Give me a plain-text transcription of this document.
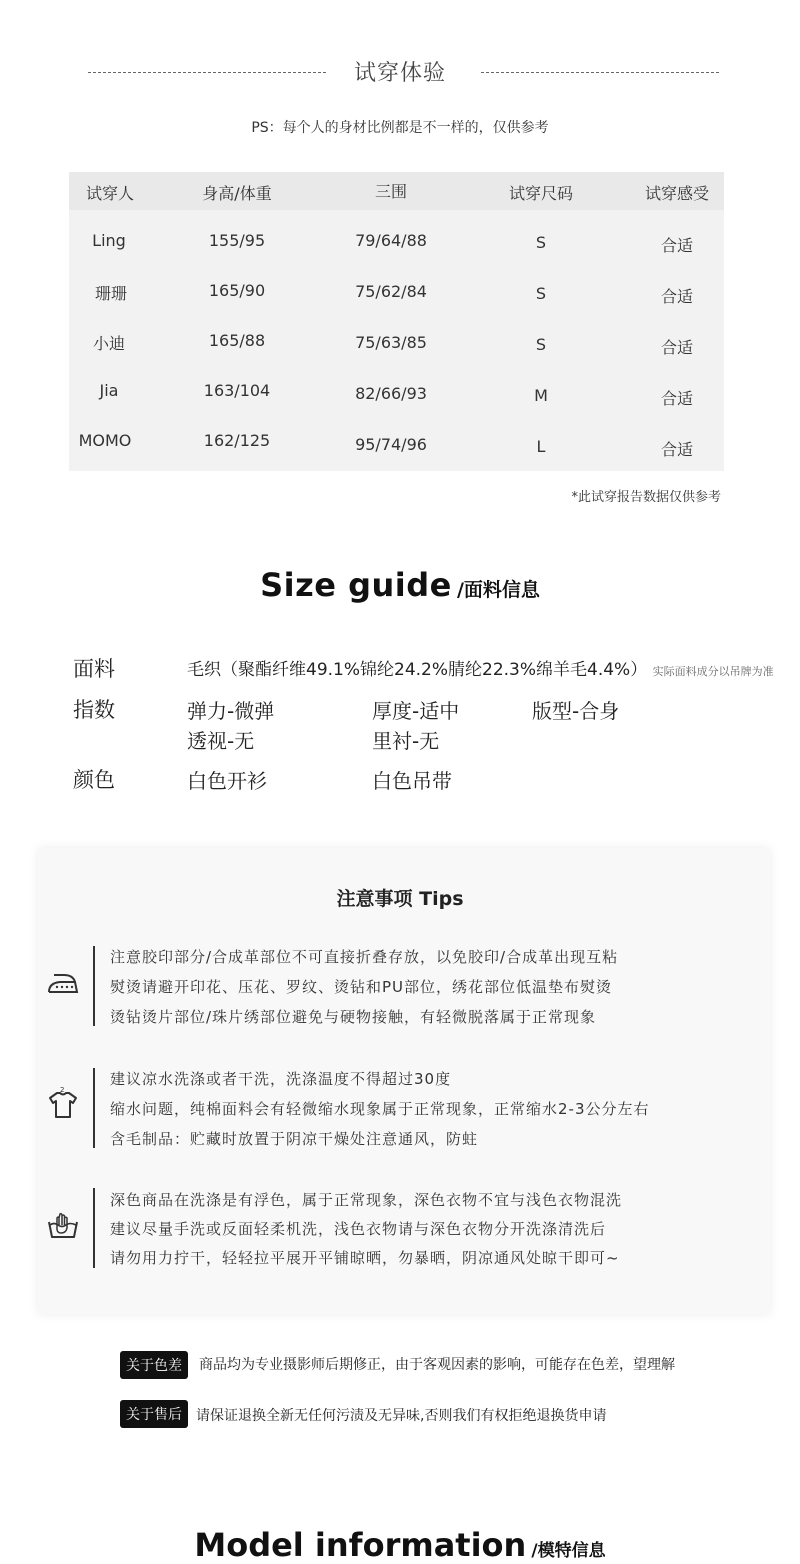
试穿体验
PS：每个人的身材比例都是不一样的，仅供参考
试穿人	身高/体重	三围	试穿尺码	试穿感受
Ling	155/95	79/64/88	S	合适
珊珊	165/90	75/62/84	S	合适
小迪	165/88	75/63/85	S	合适
Jia	163/104	82/66/93	M	合适
MOMO	162/125	95/74/96	L	合适
*此试穿报告数据仅供参考
Size guide /面料信息
面料	毛织（聚酯纤维49.1%锦纶24.2%腈纶22.3%绵羊毛4.4%） 实际面料成分以吊牌为准
指数	弹力-微弹	厚度-适中	版型-合身
透视-无	里衬-无
颜色	白色开衫	白色吊带
注意事项 Tips
注意胶印部分/合成革部位不可直接折叠存放，以免胶印/合成革出现互粘
熨烫请避开印花、压花、罗纹、烫钻和PU部位，绣花部位低温垫布熨烫
烫钻烫片部位/珠片绣部位避免与硬物接触，有轻微脱落属于正常现象
2
建议凉水洗涤或者干洗，洗涤温度不得超过30度
缩水问题，纯棉面料会有轻微缩水现象属于正常现象，正常缩水2-3公分左右
含毛制品：贮藏时放置于阴凉干燥处注意通风，防蛀
深色商品在洗涤是有浮色，属于正常现象，深色衣物不宜与浅色衣物混洗
建议尽量手洗或反面轻柔机洗，浅色衣物请与深色衣物分开洗涤清洗后
请勿用力拧干，轻轻拉平展开平铺晾晒，勿暴晒，阴凉通风处晾干即可~
关于色差	商品均为专业摄影师后期修正，由于客观因素的影响，可能存在色差，望理解
关于售后	请保证退换全新无任何污渍及无异味,否则我们有权拒绝退换货申请
Model information /模特信息
